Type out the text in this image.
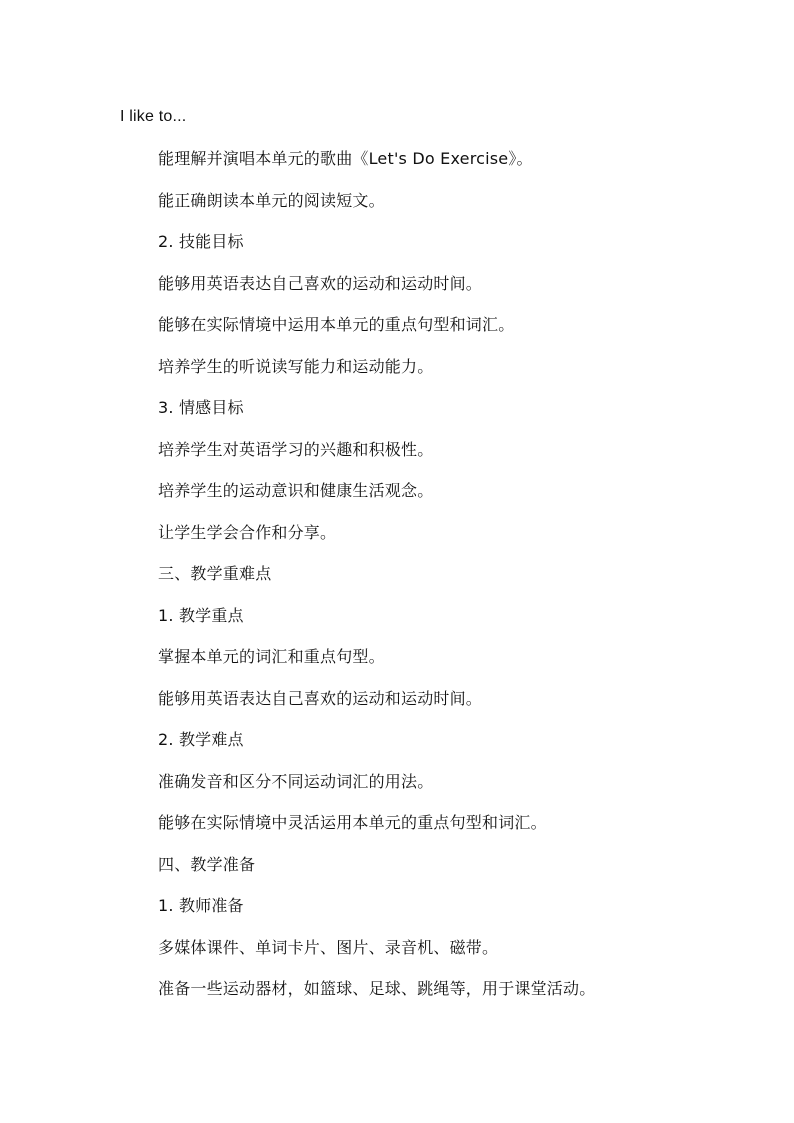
I like to...
能理解并演唱本单元的歌曲《Let's Do Exercise》。
能正确朗读本单元的阅读短文。
2. 技能目标
能够用英语表达自己喜欢的运动和运动时间。
能够在实际情境中运用本单元的重点句型和词汇。
培养学生的听说读写能力和运动能力。
3. 情感目标
培养学生对英语学习的兴趣和积极性。
培养学生的运动意识和健康生活观念。
让学生学会合作和分享。
三、教学重难点
1. 教学重点
掌握本单元的词汇和重点句型。
能够用英语表达自己喜欢的运动和运动时间。
2. 教学难点
准确发音和区分不同运动词汇的用法。
能够在实际情境中灵活运用本单元的重点句型和词汇。
四、教学准备
1. 教师准备
多媒体课件、单词卡片、图片、录音机、磁带。
准备一些运动器材，如篮球、足球、跳绳等，用于课堂活动。
